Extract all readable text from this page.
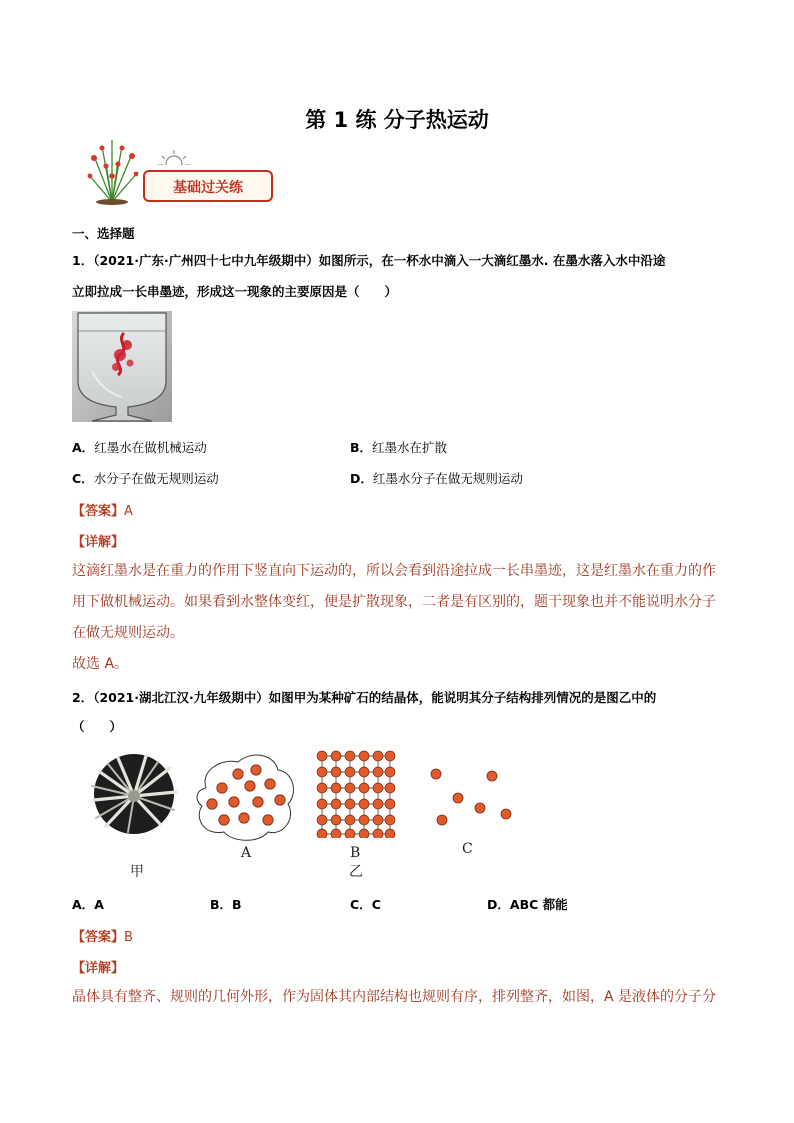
第 1 练 分子热运动
基础过关练
一、选择题
1．（2021·广东·广州四十七中九年级期中）如图所示，在一杯水中滴入一大滴红墨水. 在墨水落入水中沿途
立即拉成一长串墨迹，形成这一现象的主要原因是（　　）
A．红墨水在做机械运动	B．红墨水在扩散
C．水分子在做无规则运动	D．红墨水分子在做无规则运动
【答案】A
【详解】
这滴红墨水是在重力的作用下竖直向下运动的，所以会看到沿途拉成一长串墨迹，这是红墨水在重力的作
用下做机械运动。如果看到水整体变红，便是扩散现象，二者是有区别的，题干现象也并不能说明水分子
在做无规则运动。
故选 A。
2．（2021·湖北江汉·九年级期中）如图甲为某种矿石的结晶体，能说明其分子结构排列情况的是图乙中的
（　　）
甲
A	B
乙
C
A．A	B．B	C．C	D．ABC 都能
【答案】B
【详解】
晶体具有整齐、规则的几何外形，作为固体其内部结构也规则有序，排列整齐，如图，A 是液体的分子分
